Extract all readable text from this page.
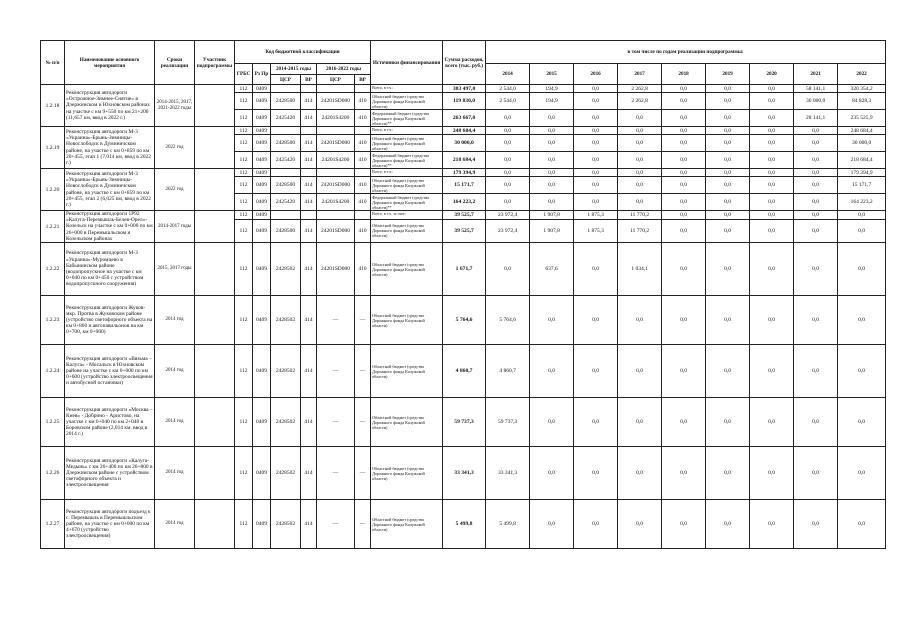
№ п/п	Наименование основного мероприятия	Сроки реализации	Участник подпрограммы	Код бюджетной классификации						Источники финансирования	Сумма расходов, всего (тыс. руб.)	в том числе по годам реализации подпрограммы:								
				ГРБС	Рз Пр	2014-2015 годы		2016-2022 годы				2014	2015	2016	2017	2018	2019	2020	2021	2022
						ЦСР	ВР	ЦСР	ВР											
1.2.18	Реконструкция автодороги «Острожное-Зимнее-Снятие» в Дзержинском и Юхновском районах на участке с км 9+550 по км 21+200 (11,657 км, ввод в 2022 г.)	2014-2015, 2017, 2021-2022 годы		112	0409					Всего, в т.ч.:	383 497,0	2 544,0	194,9	0,0	2 262,8	0,0	0,0	0,0	58 141,1	320 354,2
				112	0409	2428500	414	24201SD000	410	Областной бюджет (средства Дорожного фонда Калужской области)	119 830,0	2 544,0	194,9	0,0	2 262,8	0,0	0,0	0,0	30 000,0	84 828,3
				112	0409	2425420	414	24201S4200	410	Федеральный бюджет (средства Дорожного фонда Калужской области)**	263 667,0	0,0	0,0	0,0	0,0	0,0	0,0	0,0	28 141,1	235 525,9
1.2.19	Реконструкция автодороги М-3 «Украина»-Брынь-Зимницы-Новослободск в Думиничском районе, на участке с км 0+859 по км 20+455, этап 1 (7,014 км, ввод в 2022 г.)	2022 год		112	0409					Всего, в т.ч.:	248 684,4	0,0	0,0	0,0	0,0	0,0	0,0	0,0	0,0	248 684,4
				112	0409	2428500	414	24201SD000	410	Областной бюджет (средства Дорожного фонда Калужской области)	30 000,0	0,0	0,0	0,0	0,0	0,0	0,0	0,0	0,0	30 000,0
				112	0409	2425420	414	24201S4200	410	Федеральный бюджет (средства Дорожного фонда Калужской области)**	218 684,4	0,0	0,0	0,0	0,0	0,0	0,0	0,0	0,0	218 684,4
1.2.20	Реконструкция автодороги М-3 «Украина»-Брынь-Зимницы-Новослободск в Думиничском районе, на участке с км 0+859 по км 20+455, этап 2 (6,025 км, ввод в 2022 г.)	2022 год		112	0409					Всего, в т.ч.:	179 394,9	0,0	0,0	0,0	0,0	0,0	0,0	0,0	0,0	179 394,9
				112	0409	2428500	414	24201SD000	410	Областной бюджет (средства Дорожного фонда Калужской области)	15 171,7	0,0	0,0	0,0	0,0	0,0	0,0	0,0	0,0	15 171,7
				112	0409	2425420	414	24201S4200	410	Федеральный бюджет (средства Дорожного фонда Калужской области)**	164 223,2	0,0	0,0	0,0	0,0	0,0	0,0	0,0	0,0	164 223,2
1.2.21	Реконструкция автодороги 1Р92 «Калуга-Перемышль-Белев-Орел»-Козельск на участке с км 0+000 по км 26+000 в Перемышльском и Козельском районах	2014-2017 годы		112	0409					Всего, в т.ч. за счет:	39 525,7	23 972,4	1 907,8	1 875,3	11 770,2	0,0	0,0	0,0	0,0	0,0
				112	0409	2428500	414	24201SD000	410	Областной бюджет (средства Дорожного фонда Калужской области)	39 525,7	23 972,4	1 907,8	1 875,3	11 770,2	0,0	0,0	0,0	0,0	0,0
1.2.22	Реконструкция автодороги М-3 «Украина»-Муромцево в Бабынинском районе (водопропускное на участке с км 0+040 по км 0+450 с устройством водопропускного сооружения)	2015, 2017 годы		112	0409	2428502	414	24201SD000	410	Областной бюджет (средства Дорожного фонда Калужской области)	1 671,7	0,0	637,6	0,0	1 034,1	0,0	0,0	0,0	0,0	0,0
1.2.23	Реконструкция автодороги Жуков-мкр. Протва в Жуковском районе (устройство светофорного объекта на км 0+800 и автопавильонов на км 0+700, км 0+900)	2014 год		112	0409	2428502	414	—	—	Областной бюджет (средства Дорожного фонда Калужской области)	5 764,6	5 764,6	0,0	0,0	0,0	0,0	0,0	0,0	0,0	0,0
1.2.24	Реконструкция автодороги «Вязьма – Калуга» - Мосальск в Юхновском районе на участке с км 0+000 по км 0+600 (устройство электроосвещения и автобусной остановки)	2014 год		112	0409	2428502	414	—	—	Областной бюджет (средства Дорожного фонда Калужской области)	4 860,7	4 860,7	0,0	0,0	0,0	0,0	0,0	0,0	0,0	0,0
1.2.25	Реконструкция автодороги «Москва – Киев» - Добрино - Аристово, на участке с км 0+040 по км 2+040 в Боровском районе (2,014 км, ввод в 2014 г.)	2014 год		112	0409	2428502	414	—	—	Областной бюджет (средства Дорожного фонда Калужской области)	59 737,3	59 737,3	0,0	0,0	0,0	0,0	0,0	0,0	0,0	0,0
1.2.26	Реконструкция автодороги «Калуга-Медынь» с км 26+400 по км 26+800 в Дзержинском районе с устройством светофорного объекта и электроосвещения	2014 год		112	0409	2428502	414	—	—	Областной бюджет (средства Дорожного фонда Калужской области)	33 341,3	33 341,3	0,0	0,0	0,0	0,0	0,0	0,0	0,0	0,0
1.2.27	Реконструкция автодороги подъезд к с. Перемышль в Перемышльском районе, на участке с км 0+000 по км 4+670 (устройство электроосвещения)	2014 год		112	0409	2428502	414	—	—	Областной бюджет (средства Дорожного фонда Калужской области)	5 499,8	5 499,8	0,0	0,0	0,0	0,0	0,0	0,0	0,0	0,0
